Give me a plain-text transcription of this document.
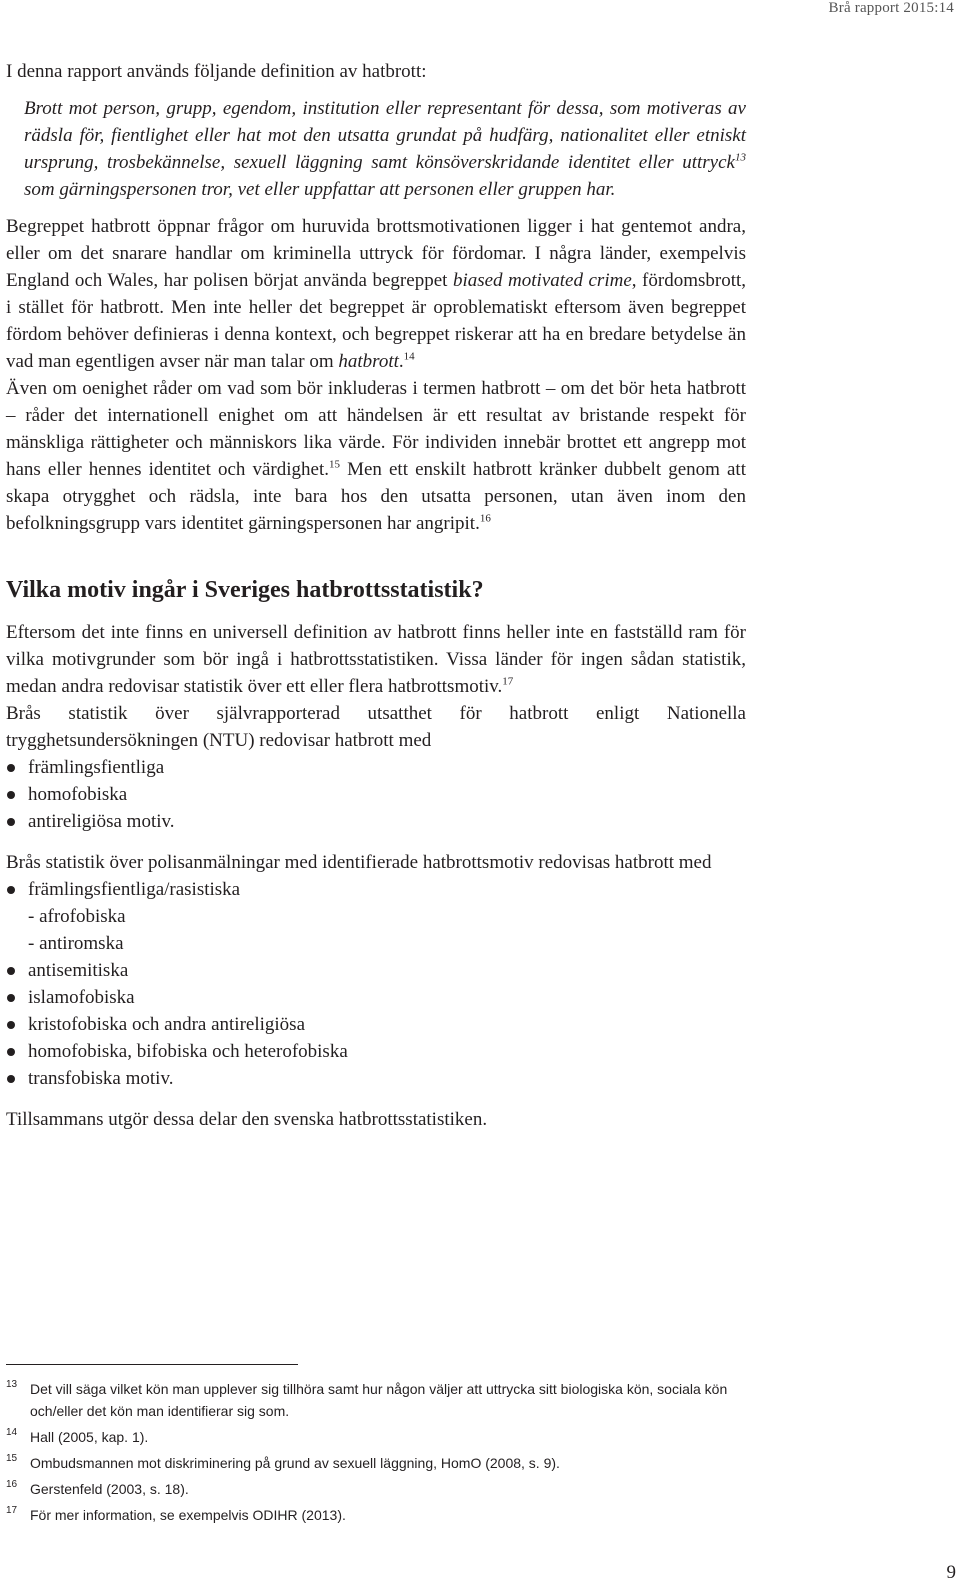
Brå rapport 2015:14

I denna rapport används följande definition av hatbrott:

Brott mot person, grupp, egendom, institution eller representant för dessa, som motiveras av rädsla för, fientlighet eller hat mot den utsatta grundat på hudfärg, nationalitet eller etniskt ursprung, trosbekännelse, sexuell läggning samt könsöverskridande identitet eller uttryck$^{13}$ som gärningspersonen tror, vet eller uppfattar att personen eller gruppen har.

Begreppet hatbrott öppnar frågor om huruvida brottsmotivationen ligger i hat gentemot andra, eller om det snarare handlar om kriminella uttryck för fördomar. I några länder, exempelvis England och Wales, har polisen börjat använda begreppet biased motivated crime, fördomsbrott, i stället för hatbrott. Men inte heller det begreppet är oproblematiskt eftersom även begreppet fördom behöver definieras i denna kontext, och begreppet riskerar att ha en bredare betydelse än vad man egentligen avser när man talar om hatbrott.$^{14}$

Även om oenighet råder om vad som bör inkluderas i termen hatbrott – om det bör heta hatbrott – råder det internationell enighet om att händelsen är ett resultat av bristande respekt för mänskliga rättigheter och människors lika värde. För individen innebär brottet ett angrepp mot hans eller hennes identitet och värdighet.$^{15}$ Men ett enskilt hatbrott kränker dubbelt genom att skapa otrygghet och rädsla, inte bara hos den utsatta personen, utan även inom den befolkningsgrupp vars identitet gärningspersonen har angripit.$^{16}$

Vilka motiv ingår i Sveriges hatbrottsstatistik?

Eftersom det inte finns en universell definition av hatbrott finns heller inte en fastställd ram för vilka motivgrunder som bör ingå i hatbrottsstatistiken. Vissa länder för ingen sådan statistik, medan andra redovisar statistik över ett eller flera hatbrottsmotiv.$^{17}$

Brås statistik över självrapporterad utsatthet för hatbrott enligt Nationella trygghetsundersökningen (NTU) redovisar hatbrott med

främlingsfientliga
homofobiska
antireligiösa motiv.

Brås statistik över polisanmälningar med identifierade hatbrottsmotiv redovisas hatbrott med

främlingsfientliga/rasistiska
- afrofobiska
- antiromska
antisemitiska
islamofobiska
kristofobiska och andra antireligiösa
homofobiska, bifobiska och heterofobiska
transfobiska motiv.

Tillsammans utgör dessa delar den svenska hatbrottsstatistiken.

13 Det vill säga vilket kön man upplever sig tillhöra samt hur någon väljer att uttrycka sitt biologiska kön, sociala kön och/eller det kön man identifierar sig som.
14 Hall (2005, kap. 1).
15 Ombudsmannen mot diskriminering på grund av sexuell läggning, HomO (2008, s. 9).
16 Gerstenfeld (2003, s. 18).
17 För mer information, se exempelvis ODIHR (2013).
9
